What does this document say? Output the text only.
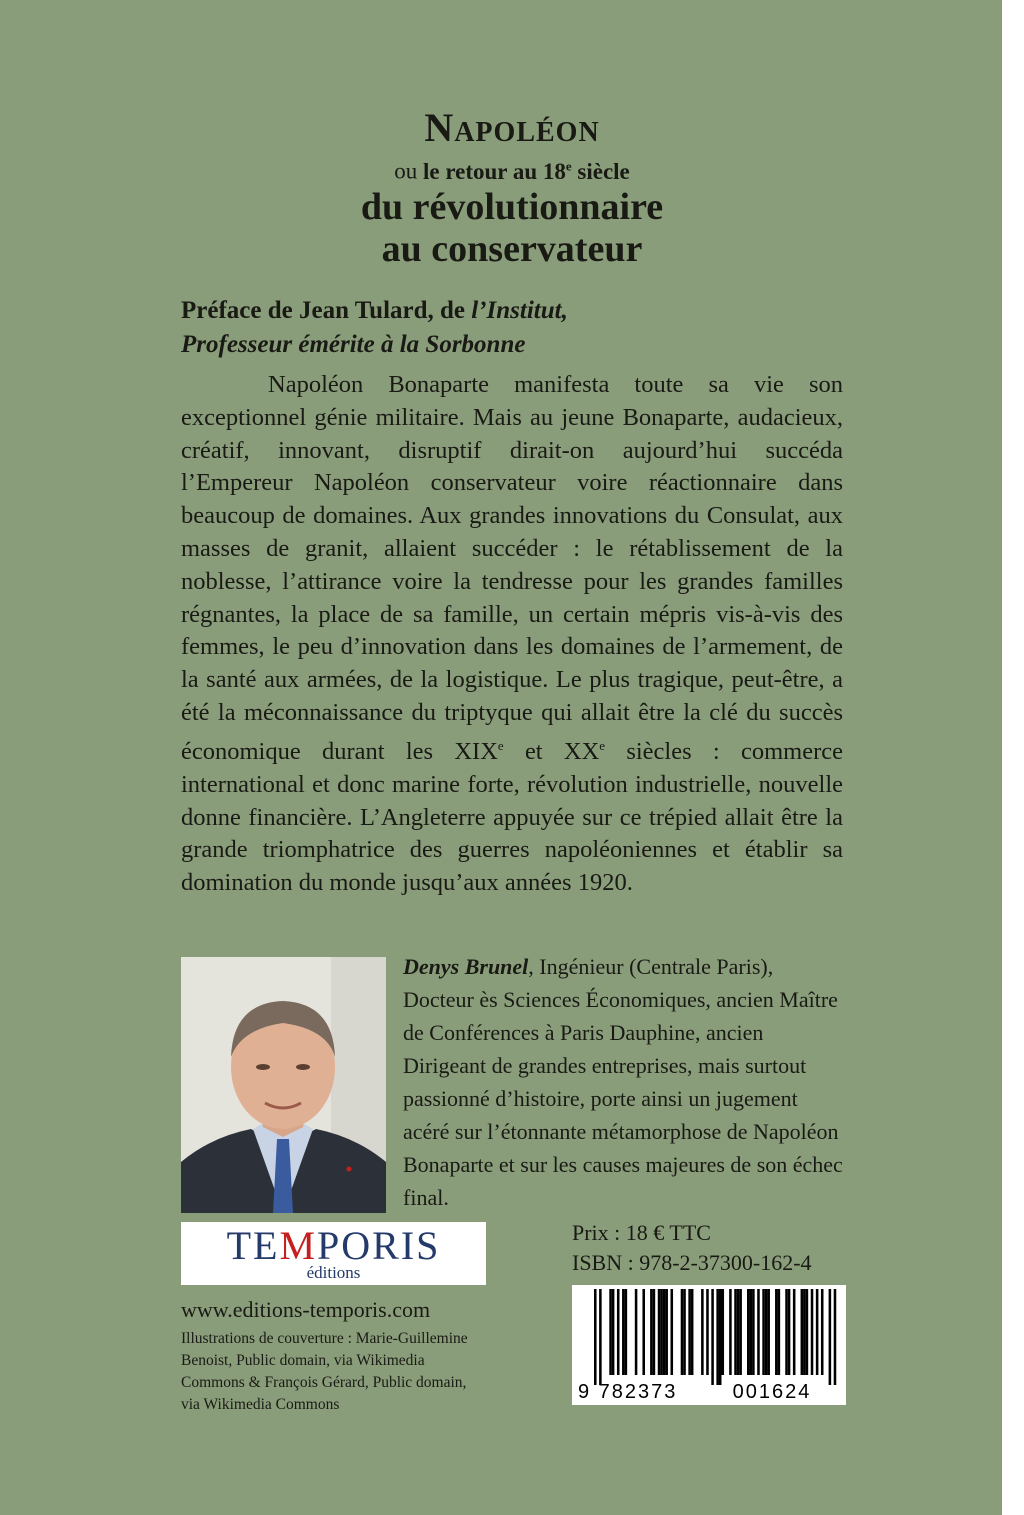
Napoléon
ou le retour au 18e siècle
du révolutionnaire
au conservateur
Préface de Jean Tulard, de l’Institut,
Professeur émérite à la Sorbonne

Napoléon Bonaparte manifesta toute sa vie son exceptionnel génie militaire. Mais au jeune Bonaparte, audacieux, créatif, innovant, disruptif dirait-on aujourd’hui succéda l’Empereur Napoléon conservateur voire réactionnaire dans beaucoup de domaines. Aux grandes innovations du Consulat, aux masses de granit, allaient succéder : le rétablissement de la noblesse, l’attirance voire la tendresse pour les grandes familles régnantes, la place de sa famille, un certain mépris vis-à-vis des femmes, le peu d’innovation dans les domaines de l’armement, de la santé aux armées, de la logistique. Le plus tragique, peut-être, a été la méconnaissance du triptyque qui allait être la clé du succès économique durant les XIXe et XXe siècles : commerce international et donc marine forte, révolution industrielle, nouvelle donne financière. L’Angleterre appuyée sur ce trépied allait être la grande triomphatrice des guerres napoléoniennes et établir sa domination du monde jusqu’aux années 1920.

Denys Brunel, Ingénieur (Centrale Paris), Docteur ès Sciences Économiques, ancien Maître de Conférences à Paris Dauphine, ancien Dirigeant de grandes entreprises, mais surtout passionné d’histoire, porte ainsi un jugement acéré sur l’étonnante métamorphose de Napoléon Bonaparte et sur les causes majeures de son échec final.
TEMPORIS
éditions
Prix : 18 € TTC
ISBN : 978-2-37300-162-4
9 782373	001624
www.editions-temporis.com
Illustrations de couverture : Marie-Guillemine Benoist, Public domain, via Wikimedia Commons & François Gérard, Public domain, via Wikimedia Commons
